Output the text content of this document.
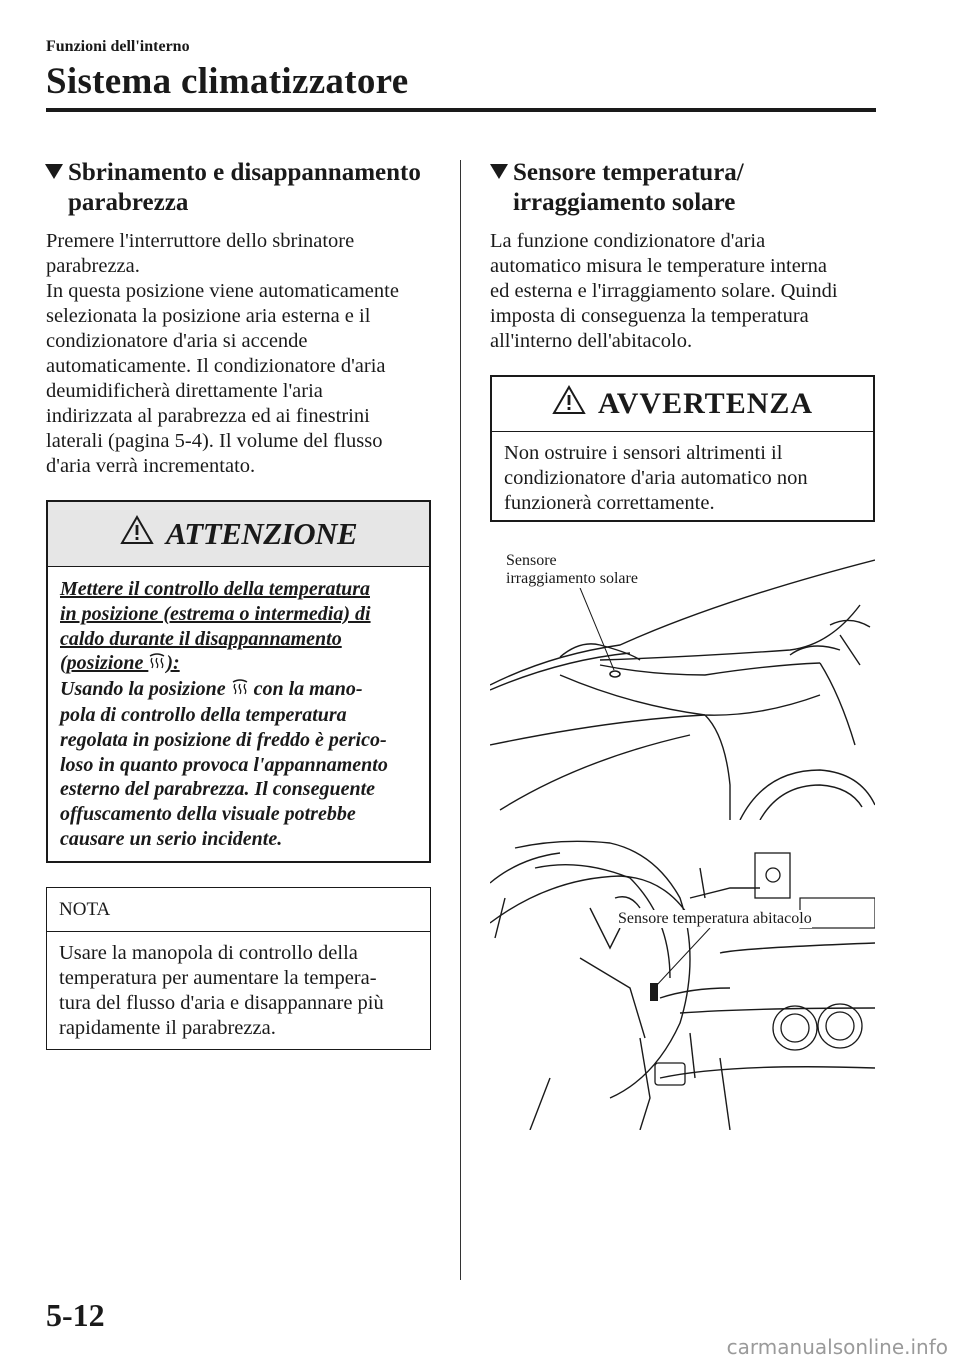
Funzioni dell'interno
Sistema climatizzatore
Sbrinamento e disappannamento
parabrezza
Premere l'interruttore dello sbrinatore
parabrezza.
In questa posizione viene automaticamente
selezionata la posizione aria esterna e il
condizionatore d'aria si accende
automaticamente. Il condizionatore d'aria
deumidificherà direttamente l'aria
indirizzata al parabrezza ed ai finestrini
laterali (pagina 5-4). Il volume del flusso
d'aria verrà incrementato.
ATTENZIONE
Mettere il controllo della temperatura
in posizione (estrema o intermedia) di
caldo durante il disappannamento
(posizione ):
Usando la posizione  con la mano-
pola di controllo della temperatura
regolata in posizione di freddo è perico-
loso in quanto provoca l'appannamento
esterno del parabrezza. Il conseguente
offuscamento della visuale potrebbe
causare un serio incidente.
NOTA
Usare la manopola di controllo della
temperatura per aumentare la tempera-
tura del flusso d'aria e disappannare più
rapidamente il parabrezza.
Sensore temperatura/
irraggiamento solare
La funzione condizionatore d'aria
automatico misura le temperature interna
ed esterna e l'irraggiamento solare. Quindi
imposta di conseguenza la temperatura
all'interno dell'abitacolo.
AVVERTENZA
Non ostruire i sensori altrimenti il
condizionatore d'aria automatico non
funzionerà correttamente.
Sensore
irraggiamento solare
Sensore temperatura abitacolo
5-12
carmanualsonline.info
